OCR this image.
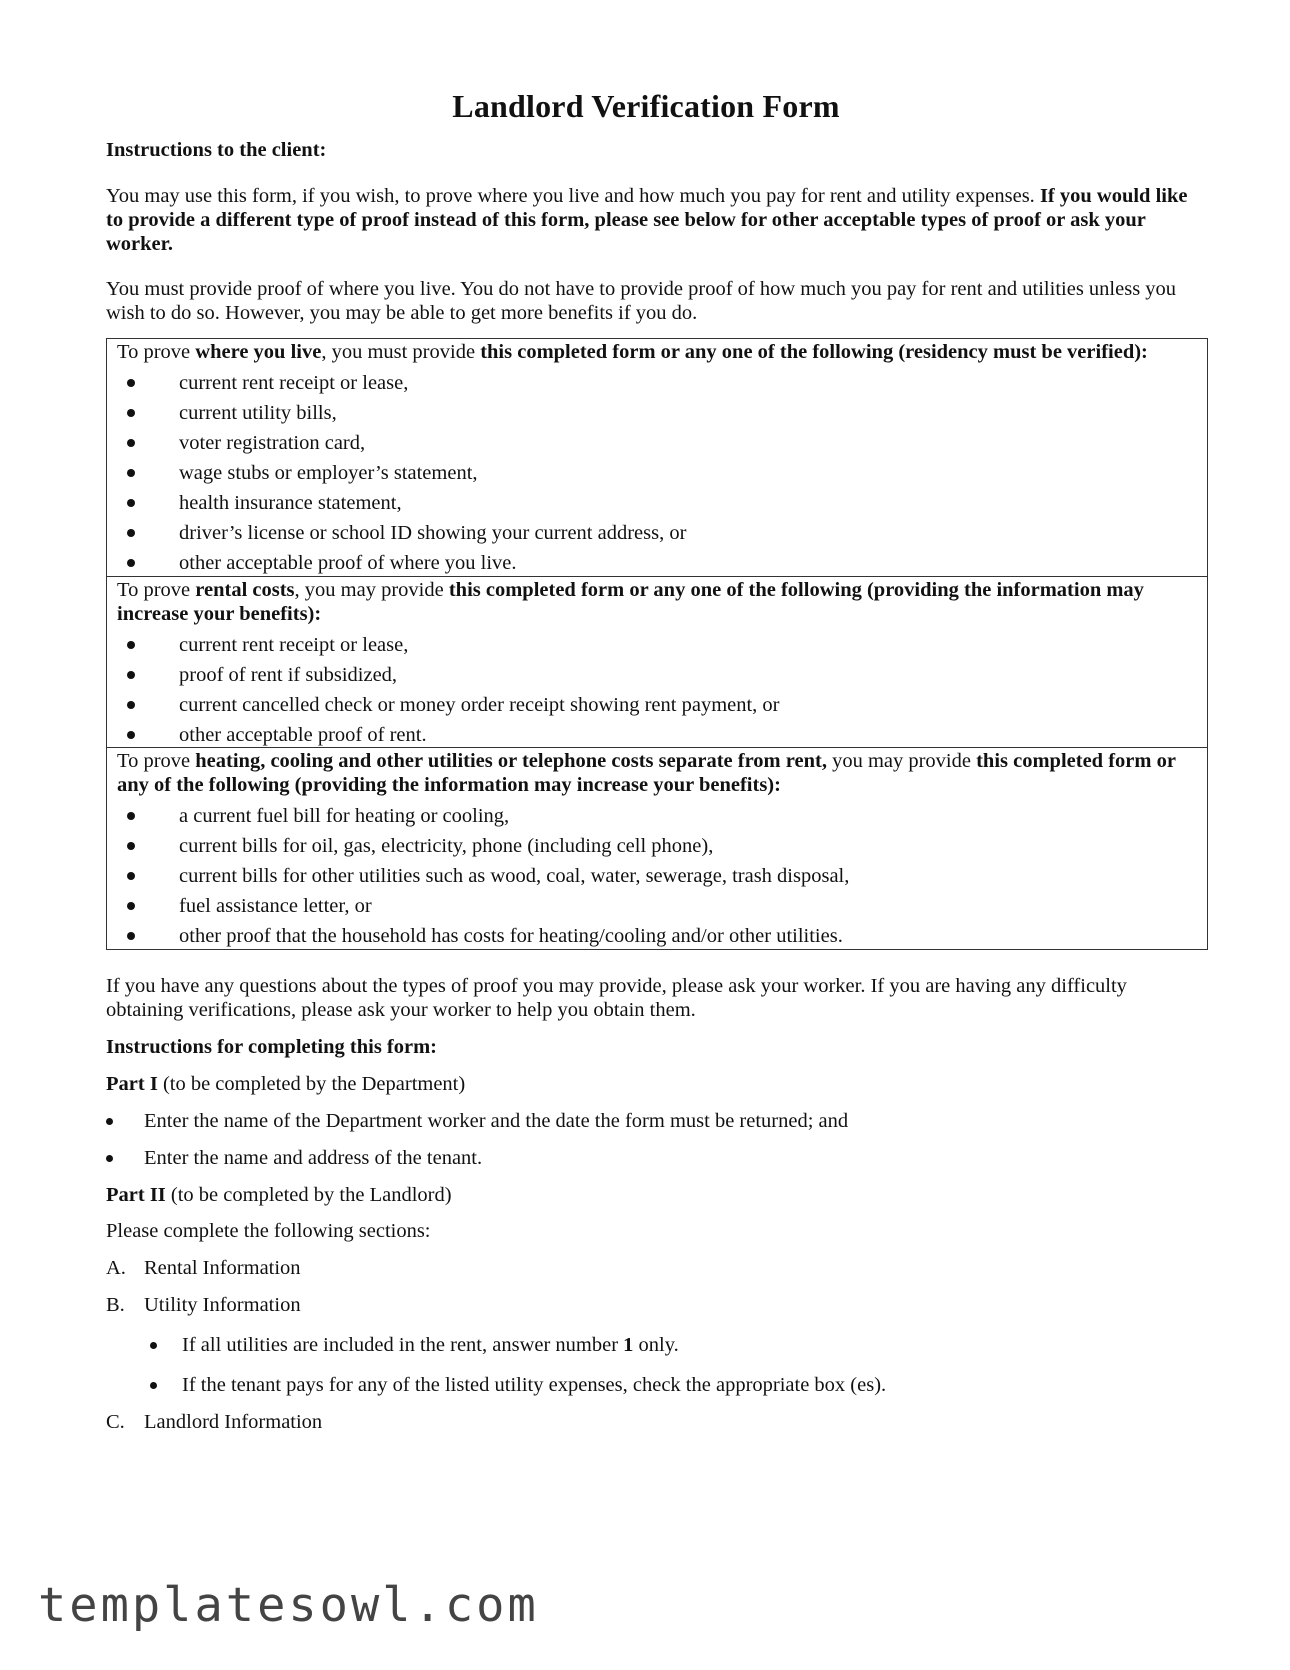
Landlord Verification Form

Instructions to the client:

You may use this form, if you wish, to prove where you live and how much you pay for rent and utility expenses. If you would like to provide a different type of proof instead of this form, please see below for other acceptable types of proof or ask your worker.

You must provide proof of where you live. You do not have to provide proof of how much you pay for rent and utilities unless you wish to do so. However, you may be able to get more benefits if you do.

To prove where you live, you must provide this completed form or any one of the following (residency must be verified):

current rent receipt or lease,
current utility bills,
voter registration card,
wage stubs or employer’s statement,
health insurance statement,
driver’s license or school ID showing your current address, or
other acceptable proof of where you live.

To prove rental costs, you may provide this completed form or any one of the following (providing the information may increase your benefits):

current rent receipt or lease,
proof of rent if subsidized,
current cancelled check or money order receipt showing rent payment, or
other acceptable proof of rent.

To prove heating, cooling and other utilities or telephone costs separate from rent, you may provide this completed form or any of the following (providing the information may increase your benefits):

a current fuel bill for heating or cooling,
current bills for oil, gas, electricity, phone (including cell phone),
current bills for other utilities such as wood, coal, water, sewerage, trash disposal,
fuel assistance letter, or
other proof that the household has costs for heating/cooling and/or other utilities.

If you have any questions about the types of proof you may provide, please ask your worker. If you are having any difficulty obtaining verifications, please ask your worker to help you obtain them.

Instructions for completing this form:

Part I (to be completed by the Department)

Enter the name of the Department worker and the date the form must be returned; and
Enter the name and address of the tenant.

Part II (to be completed by the Landlord)

Please complete the following sections:

A. Rental Information
B. Utility Information
If all utilities are included in the rent, answer number 1 only.
If the tenant pays for any of the listed utility expenses, check the appropriate box (es).
C. Landlord Information
templatesowl.com
